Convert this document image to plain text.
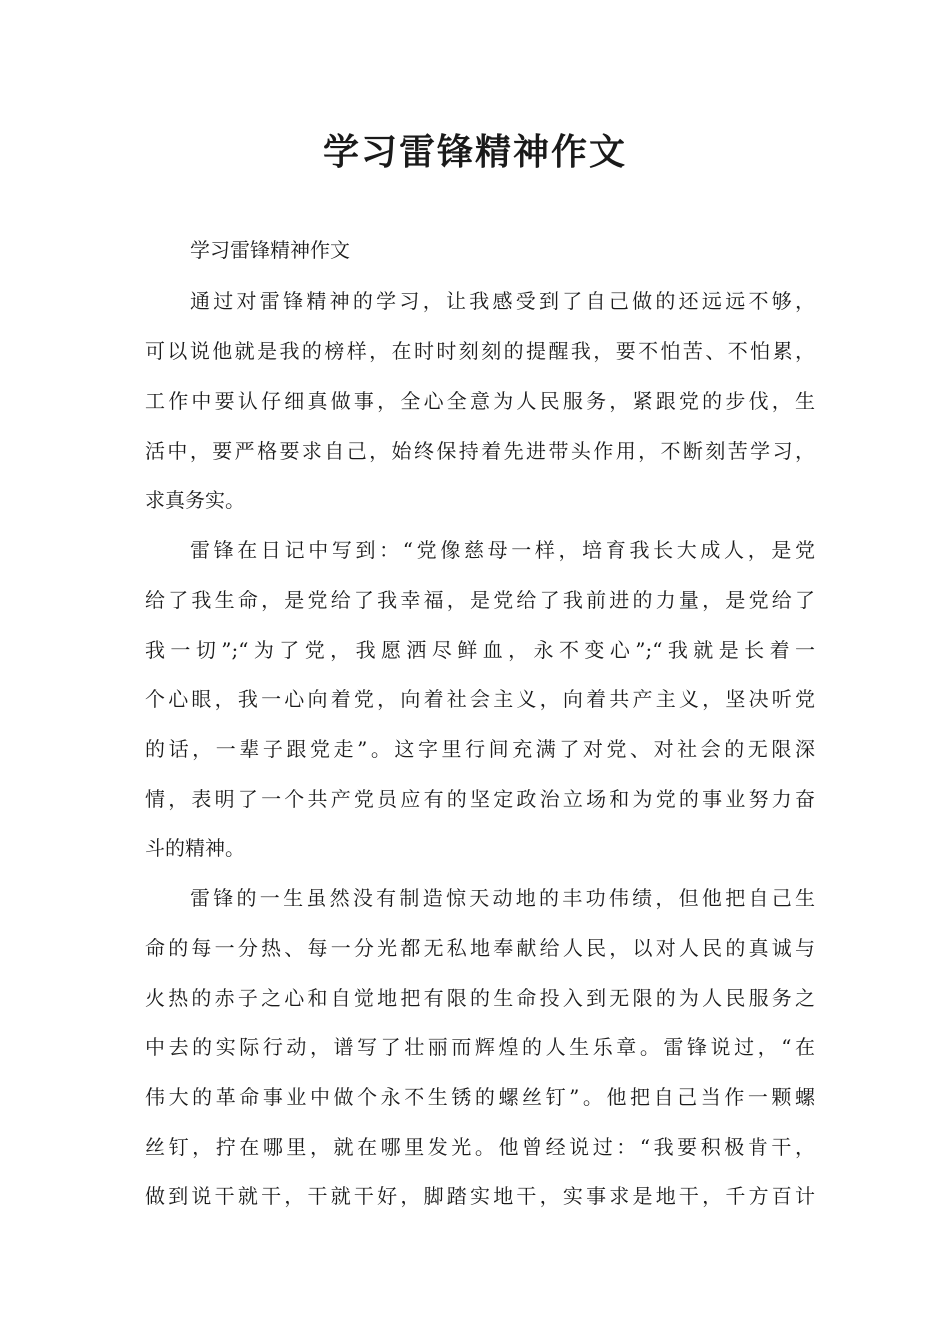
学习雷锋精神作文

学习雷锋精神作文

通过对雷锋精神的学习，让我感受到了自己做的还远远不够，

可以说他就是我的榜样，在时时刻刻的提醒我，要不怕苦、不怕累，

工作中要认仔细真做事，全心全意为人民服务，紧跟党的步伐，生

活中，要严格要求自己，始终保持着先进带头作用，不断刻苦学习，

求真务实。

雷锋在日记中写到：“党像慈母一样，培育我长大成人，是党

给了我生命，是党给了我幸福，是党给了我前进的力量，是党给了

我一切”;“为了党，我愿洒尽鲜血，永不变心”;“我就是长着一

个心眼，我一心向着党，向着社会主义，向着共产主义，坚决听党

的话，一辈子跟党走”。这字里行间充满了对党、对社会的无限深

情，表明了一个共产党员应有的坚定政治立场和为党的事业努力奋

斗的精神。

雷锋的一生虽然没有制造惊天动地的丰功伟绩，但他把自己生

命的每一分热、每一分光都无私地奉献给人民，以对人民的真诚与

火热的赤子之心和自觉地把有限的生命投入到无限的为人民服务之

中去的实际行动，谱写了壮丽而辉煌的人生乐章。雷锋说过，“在

伟大的革命事业中做个永不生锈的螺丝钉”。他把自己当作一颗螺

丝钉，拧在哪里，就在哪里发光。他曾经说过：“我要积极肯干，

做到说干就干，干就干好，脚踏实地干，实事求是地干，千方百计
